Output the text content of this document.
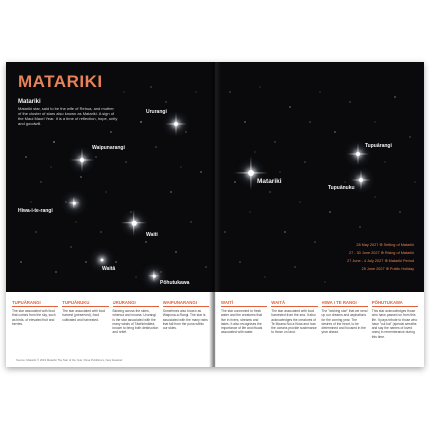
MATARIKI
Matariki
Matariki star, said to be the wife of Rehua, and mother of the cluster of stars also known as Matariki. A sign of the Maui Maori Year. It is a time of reflection, hope, unity and goodwill.
Ururangi
Waipunarangi
Hiwa-i-te-rangi
Waiti
Waitā
Pōhutukawa
TUPUĀRANGI
The star associated with food that comes from the sky, such as birds, of elevated fruit and berries.
TUPUĀNUKU
The star associated with food harvest (preserved), food cultivated and harvested.
URURANGI
Blowing across the skies, whenua and moana. Ururangi is the star associated with the many winds of Tāwhirimātea, known to bring both destruction and relief.
WAIPUNARANGI
Sometimes also known as Waipuna-a-Rangi. The star is associated with the many rains that fall from the puna within our skies.
Source: Matariki © 2019 Matariki The Star of the Year, Pana Publishers, New Zealand
Tupuārangi
Matariki
Tupuānuku
28 May 2027 ⊕ Setting of Matariki
27 - 30 June 2027 ⊕ Rising of Matariki
27 June - 4 July 2027 ⊕ Matariki Period
25 June 2027 ⊕ Public Holiday
WAITĪ
The star connected to fresh water and the creatures that live in rivers, streams and lakes. It also recognises the importance of life and rituals associated with water.
WAITĀ
The star associated with food harvested from the sea. It also acknowledges the creatures of Te Moana Nui a Kiwa and how the oceans provide sustenance to those on land.
HIWA I TE RANGI
The "wishing star" that we send up our dreams and aspirations for the coming year. The desires of the heart, to be determined and focused in the year ahead.
PŌHUTUKAWA
This star acknowledges those who have passed on from this life. It pays tribute to those who have "cut kai" (special wreaths and say the names of loved ones) in remembrance during this time.
